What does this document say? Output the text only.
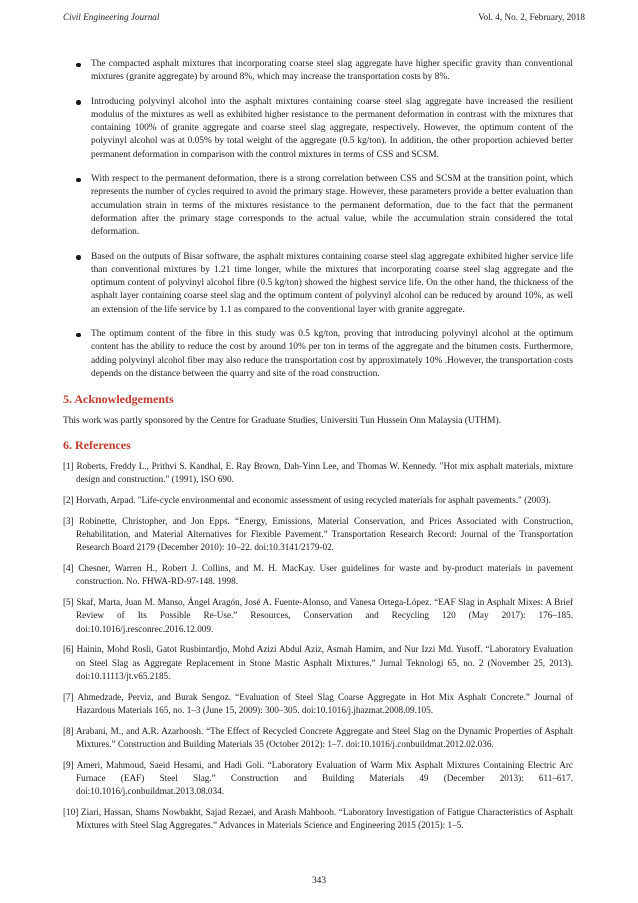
Civil Engineering Journal	Vol. 4, No. 2, February, 2018
The compacted asphalt mixtures that incorporating coarse steel slag aggregate have higher specific gravity than conventional mixtures (granite aggregate) by around 8%, which may increase the transportation costs by 8%.
Introducing polyvinyl alcohol into the asphalt mixtures containing coarse steel slag aggregate have increased the resilient modulus of the mixtures as well as exhibited higher resistance to the permanent deformation in contrast with the mixtures that containing 100% of granite aggregate and coarse steel slag aggregate, respectively. However, the optimum content of the polyvinyl alcohol was at 0.05% by total weight of the aggregate (0.5 kg/ton). In addition, the other proportion achieved better permanent deformation in comparison with the control mixtures in terms of CSS and SCSM.
With respect to the permanent deformation, there is a strong correlation between CSS and SCSM at the transition point, which represents the number of cycles required to avoid the primary stage. However, these parameters provide a better evaluation than accumulation strain in terms of the mixtures resistance to the permanent deformation, due to the fact that the permanent deformation after the primary stage corresponds to the actual value, while the accumulation strain considered the total deformation.
Based on the outputs of Bisar software, the asphalt mixtures containing coarse steel slag aggregate exhibited higher service life than conventional mixtures by 1.21 time longer, while the mixtures that incorporating coarse steel slag aggregate and the optimum content of polyvinyl alcohol fibre (0.5 kg/ton) showed the highest service life. On the other hand, the thickness of the asphalt layer containing coarse steel slag and the optimum content of polyvinyl alcohol can be reduced by around 10%, as well an extension of the life service by 1.1 as compared to the conventional layer with granite aggregate.
The optimum content of the fibre in this study was 0.5 kg/ton, proving that introducing polyvinyl alcohol at the optimum content has the ability to reduce the cost by around 10% per ton in terms of the aggregate and the bitumen costs. Furthermore, adding polyvinyl alcohol fiber may also reduce the transportation cost by approximately 10% .However, the transportation costs depends on the distance between the quarry and site of the road construction.
5. Acknowledgements

This work was partly sponsored by the Centre for Graduate Studies, Universiti Tun Hussein Onn Malaysia (UTHM).

6. References
[1] Roberts, Freddy L., Prithvi S. Kandhal, E. Ray Brown, Dah-Yinn Lee, and Thomas W. Kennedy. "Hot mix asphalt materials, mixture design and construction." (1991), ISO 690.
[2] Horvath, Arpad. "Life-cycle environmental and economic assessment of using recycled materials for asphalt pavements." (2003).
[3] Robinette, Christopher, and Jon Epps. “Energy, Emissions, Material Conservation, and Prices Associated with Construction, Rehabilitation, and Material Alternatives for Flexible Pavement.” Transportation Research Record: Journal of the Transportation Research Board 2179 (December 2010): 10–22. doi:10.3141/2179-02.
[4] Chesner, Warren H., Robert J. Collins, and M. H. MacKay. User guidelines for waste and by-product materials in pavement construction. No. FHWA-RD-97-148. 1998.
[5] Skaf, Marta, Juan M. Manso, Ángel Aragón, José A. Fuente-Alonso, and Vanesa Ortega-López. “EAF Slag in Asphalt Mixes: A Brief Review of Its Possible Re-Use.” Resources, Conservation and Recycling 120 (May 2017): 176–185. doi:10.1016/j.resconrec.2016.12.009.
[6] Hainin, Mohd Rosli, Gatot Rusbintardjo, Mohd Azizi Abdul Aziz, Asmah Hamim, and Nur Izzi Md. Yusoff. “Laboratory Evaluation on Steel Slag as Aggregate Replacement in Stone Mastic Asphalt Mixtures.” Jurnal Teknologi 65, no. 2 (November 25, 2013). doi:10.11113/jt.v65.2185.
[7] Ahmedzade, Perviz, and Burak Sengoz. “Evaluation of Steel Slag Coarse Aggregate in Hot Mix Asphalt Concrete.” Journal of Hazardous Materials 165, no. 1–3 (June 15, 2009): 300–305. doi:10.1016/j.jhazmat.2008.09.105.
[8] Arabani, M., and A.R. Azarhoosh. “The Effect of Recycled Concrete Aggregate and Steel Slag on the Dynamic Properties of Asphalt Mixtures.” Construction and Building Materials 35 (October 2012): 1–7. doi:10.1016/j.conbuildmat.2012.02.036.
[9] Ameri, Mahmoud, Saeid Hesami, and Hadi Goli. “Laboratory Evaluation of Warm Mix Asphalt Mixtures Containing Electric Arc Furnace (EAF) Steel Slag.” Construction and Building Materials 49 (December 2013): 611–617. doi:10.1016/j.conbuildmat.2013.08.034.
[10] Ziari, Hassan, Shams Nowbakht, Sajad Rezaei, and Arash Mahboob. “Laboratory Investigation of Fatigue Characteristics of Asphalt Mixtures with Steel Slag Aggregates.” Advances in Materials Science and Engineering 2015 (2015): 1–5.
343
